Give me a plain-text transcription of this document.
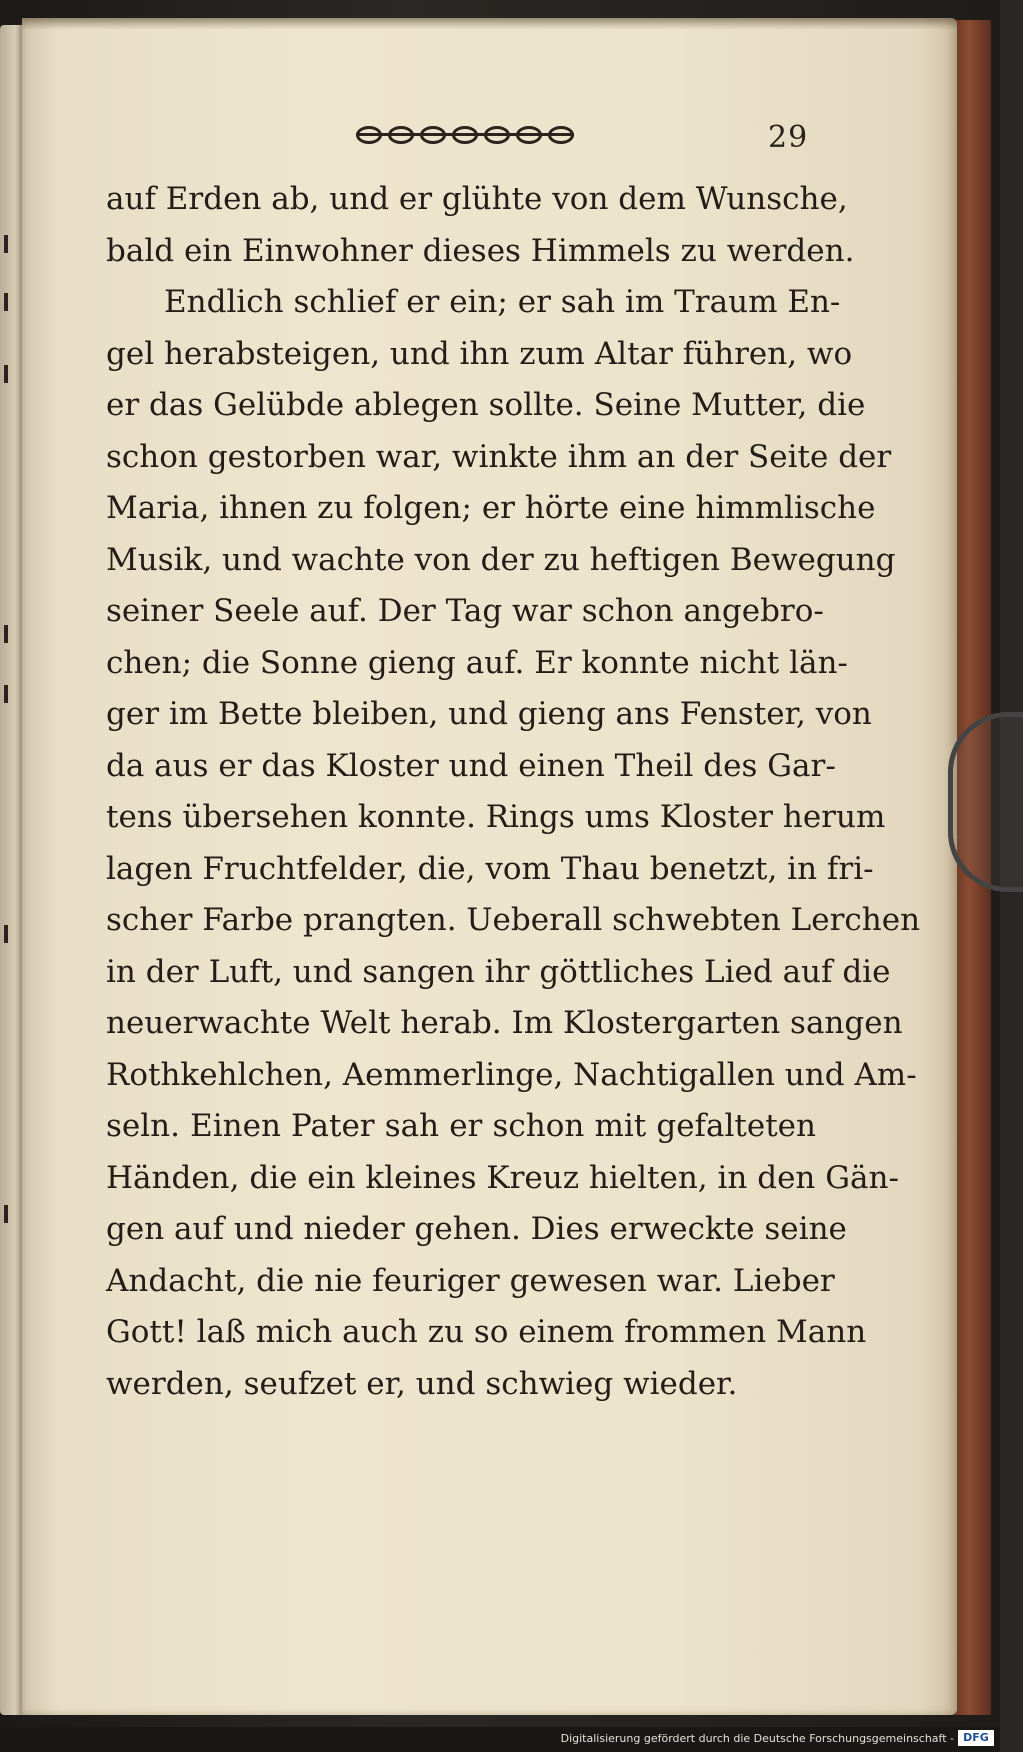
29
auf Erden ab, und er glühte von dem Wunsche,
bald ein Einwohner dieses Himmels zu werden.
Endlich schlief er ein; er sah im Traum En-
gel herabsteigen, und ihn zum Altar führen, wo
er das Gelübde ablegen sollte. Seine Mutter, die
schon gestorben war, winkte ihm an der Seite der
Maria, ihnen zu folgen; er hörte eine himmlische
Musik, und wachte von der zu heftigen Bewegung
seiner Seele auf. Der Tag war schon angebro-
chen; die Sonne gieng auf. Er konnte nicht län-
ger im Bette bleiben, und gieng ans Fenster, von
da aus er das Kloster und einen Theil des Gar-
tens übersehen konnte. Rings ums Kloster herum
lagen Fruchtfelder, die, vom Thau benetzt, in fri-
scher Farbe prangten. Ueberall schwebten Lerchen
in der Luft, und sangen ihr göttliches Lied auf die
neuerwachte Welt herab. Im Klostergarten sangen
Rothkehlchen, Aemmerlinge, Nachtigallen und Am-
seln. Einen Pater sah er schon mit gefalteten
Händen, die ein kleines Kreuz hielten, in den Gän-
gen auf und nieder gehen. Dies erweckte seine
Andacht, die nie feuriger gewesen war. Lieber
Gott! laß mich auch zu so einem frommen Mann
werden, seufzet er, und schwieg wieder.
Digitalisierung gefördert durch die Deutsche Forschungsgemeinschaft - DFG
